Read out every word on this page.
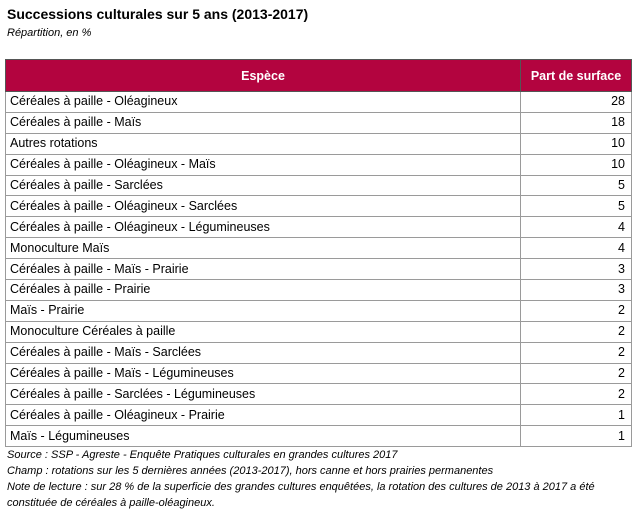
Successions culturales sur 5 ans (2013-2017)
Répartition, en %
Espèce	Part de surface
Céréales à paille - Oléagineux	28
Céréales à paille - Maïs	18
Autres rotations	10
Céréales à paille - Oléagineux - Maïs	10
Céréales à paille - Sarclées	5
Céréales à paille - Oléagineux - Sarclées	5
Céréales à paille - Oléagineux - Légumineuses	4
Monoculture Maïs	4
Céréales à paille - Maïs - Prairie	3
Céréales à paille - Prairie	3
Maïs - Prairie	2
Monoculture Céréales à paille	2
Céréales à paille - Maïs - Sarclées	2
Céréales à paille - Maïs - Légumineuses	2
Céréales à paille - Sarclées - Légumineuses	2
Céréales à paille - Oléagineux - Prairie	1
Maïs - Légumineuses	1

Source : SSP - Agreste - Enquête Pratiques culturales en grandes cultures 2017

Champ : rotations sur les 5 dernières années (2013-2017), hors canne et hors prairies permanentes

Note de lecture : sur 28 % de la superficie des grandes cultures enquêtées, la rotation des cultures de 2013 à 2017 a été constituée de céréales à paille-oléagineux.
